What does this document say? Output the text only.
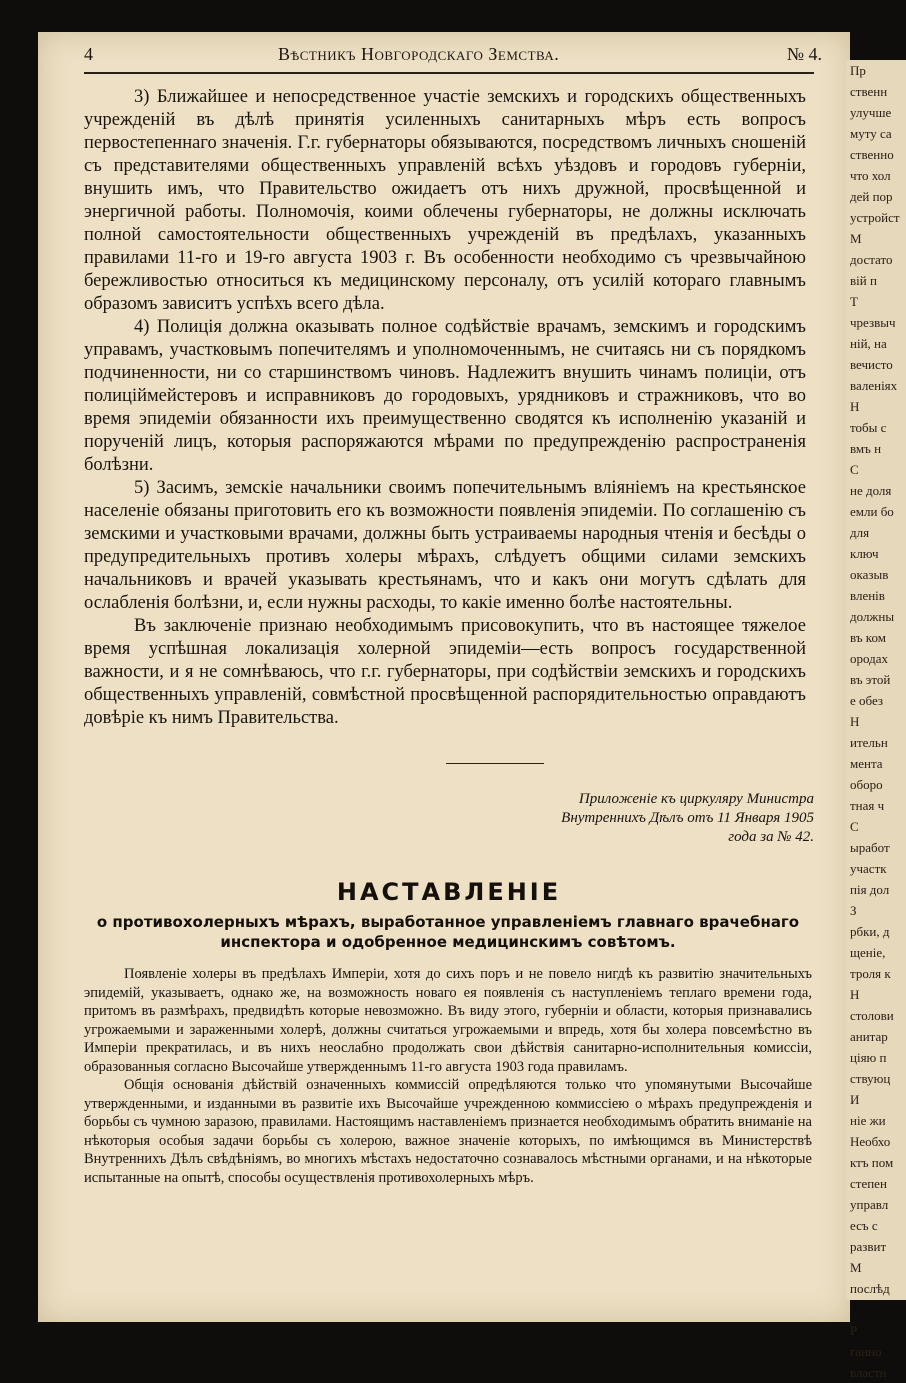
4	Вѣстникъ Новгородскаго Земства.	№ 4.

3) Ближайшее и непосредственное участіе земскихъ и городскихъ общественныхъ учрежденій въ дѣлѣ принятія усиленныхъ санитарныхъ мѣръ есть вопросъ первостепеннаго значенія. Г.г. губернаторы обязываются, посредствомъ личныхъ сношеній съ представителями общественныхъ управленій всѣхъ уѣздовъ и городовъ губерніи, внушить имъ, что Правительство ожидаетъ отъ нихъ дружной, просвѣщенной и энергичной работы. Полномочія, коими облечены губернаторы, не должны исключать полной самостоятельности общественныхъ учрежденій въ предѣлахъ, указанныхъ правилами 11-го и 19-го августа 1903 г. Въ особенности необходимо съ чрезвычайною бережливостью относиться къ медицинскому персоналу, отъ усилій котораго главнымъ образомъ зависитъ успѣхъ всего дѣла.

4) Полиція должна оказывать полное содѣйствіе врачамъ, земскимъ и городскимъ управамъ, участковымъ попечителямъ и уполномоченнымъ, не считаясь ни съ порядкомъ подчиненности, ни со старшинствомъ чиновъ. Надлежитъ внушить чинамъ полиціи, отъ полиціймейстеровъ и исправниковъ до городовыхъ, урядниковъ и стражниковъ, что во время эпидеміи обязанности ихъ преимущественно сводятся къ исполненію указаній и порученій лицъ, которыя распоряжаются мѣрами по предупрежденію распространенія болѣзни.

5) Засимъ, земскіе начальники своимъ попечительнымъ вліяніемъ на крестьянское населеніе обязаны приготовить его къ возможности появленія эпидеміи. По соглашенію съ земскими и участковыми врачами, должны быть устраиваемы народныя чтенія и бесѣды о предупредительныхъ противъ холеры мѣрахъ, слѣдуетъ общими силами земскихъ начальниковъ и врачей указывать крестьянамъ, что и какъ они могутъ сдѣлать для ослабленія болѣзни, и, если нужны расходы, то какіе именно болѣе настоятельны.

Въ заключеніе признаю необходимымъ присовокупить, что въ настоящее тяжелое время успѣшная локализація холерной эпидеміи—есть вопросъ государственной важности, и я не сомнѣваюсь, что г.г. губернаторы, при содѣйствіи земскихъ и городскихъ общественныхъ управленій, совмѣстной просвѣщенной распорядительностью оправдаютъ довѣріе къ нимъ Правительства.

Приложеніе къ циркуляру Министра Внутреннихъ Дѣлъ отъ 11 Января 1905 года за № 42.
НАСТАВЛЕНІЕ
о противохолерныхъ мѣрахъ, выработанное управленіемъ главнаго врачебнаго инспектора и одобренное медицинскимъ совѣтомъ.

Появленіе холеры въ предѣлахъ Имперіи, хотя до сихъ поръ и не повело нигдѣ къ развитію значительныхъ эпидемій, указываетъ, однако же, на возможность новаго ея появленія съ наступленіемъ теплаго времени года, притомъ въ размѣрахъ, предвидѣть которые невозможно. Въ виду этого, губерніи и области, которыя признавались угрожаемыми и зараженными холерѣ, должны считаться угрожаемыми и впредь, хотя бы холера повсемѣстно въ Имперіи прекратилась, и въ нихъ неослабно продолжать свои дѣйствія санитарно-исполнительныя комиссіи, образованныя согласно Высочайше утвержденнымъ 11-го августа 1903 года правиламъ.

Общія основанія дѣйствій означенныхъ коммиссій опредѣляются только что упомянутыми Высочайше утвержденными, и изданными въ развитіе ихъ Высочайше учрежденною коммиссіею о мѣрахъ предупрежденія и борьбы съ чумною заразою, правилами. Настоящимъ наставленіемъ признается необходимымъ обратить вниманіе на нѣкоторыя особыя задачи борьбы съ холерою, важное значеніе которыхъ, по имѣющимся въ Министерствѣ Внутреннихъ Дѣлъ свѣдѣніямъ, во многихъ мѣстахъ недостаточно сознавалось мѣстными органами, и на нѣкоторые испытанные на опытѣ, способы осуществленія противохолерныхъ мѣръ.

Пр
ственн
улучше
муту са
ственно
что хол
дей пор
устройст
М
достато
вій п
Т
чрезвыч
ній, на
вечисто
валеніях
Н
тобы с
вмъ н
С
не доля
емли бо
для
ключ
оказыв
вленів
должны
въ ком
ородах
въ этой
е обез
Н
ительн
мента
оборо
тная ч
С
ыработ
участк
пія дол
З
рбки, д
щеніе,
троля к
Н
столови
анитар
ціяю п
ствуюц
И
ніе жи
Необхо
ктъ пом
степен
управл
есъ с
развит
М
послѣд

Р
ганно
властн
